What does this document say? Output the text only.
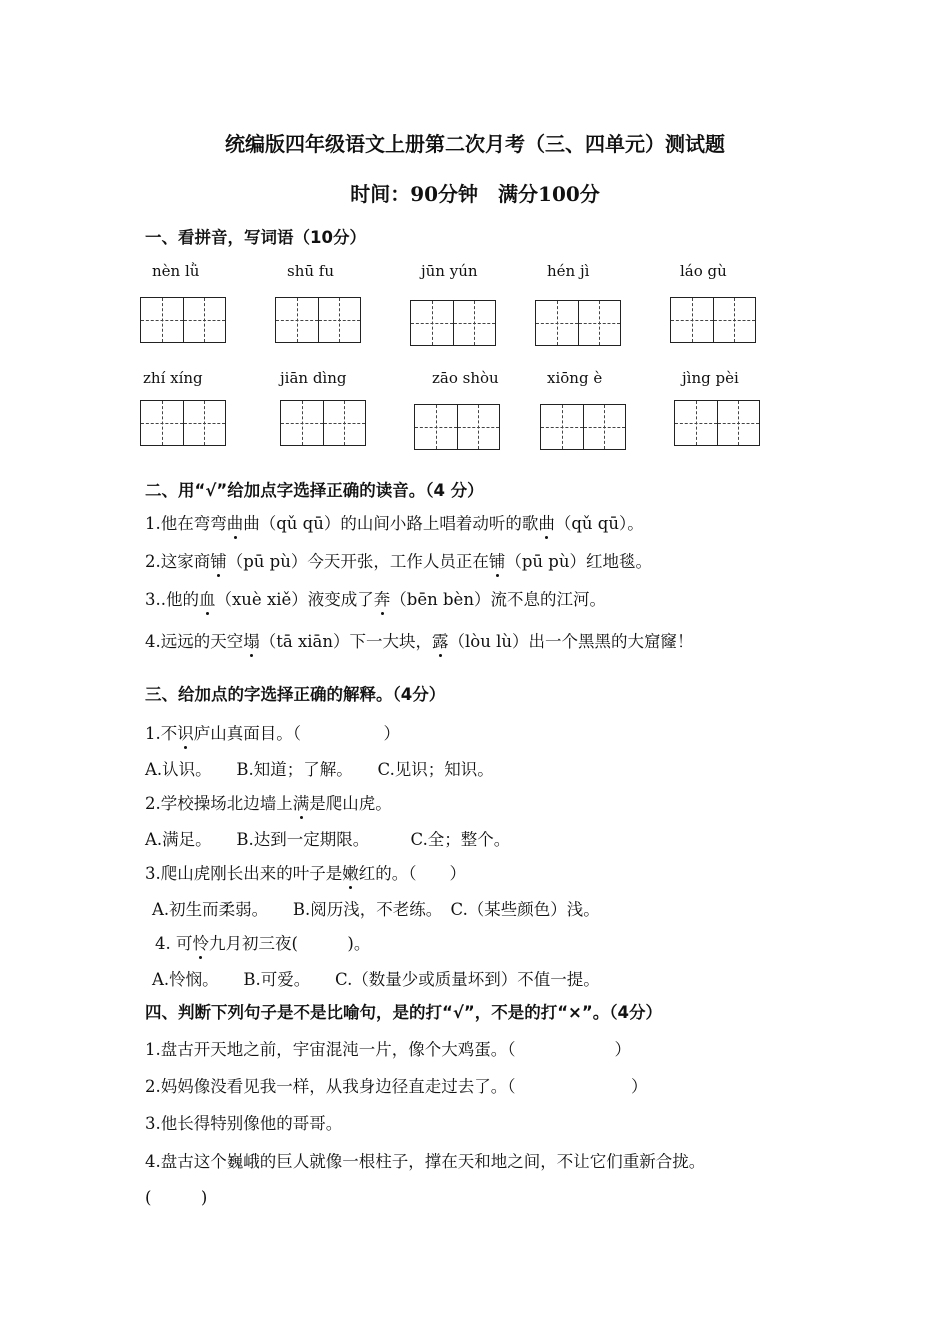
统编版四年级语文上册第二次月考（三、四单元）测试题
时间：90分钟　满分100分
一、看拼音，写词语（10分）
nèn lǜ	shū fu	jūn yún	hén jì	láo gù
zhí xíng	jiān dìng	zāo shòu	xiōng è	jìng pèi
二、用“√”给加点字选择正确的读音。（4 分）
1.他在弯弯曲曲（qǔ qū）的山间小路上唱着动听的歌曲（qǔ qū）。
2.这家商铺（pū pù）今天开张，工作人员正在铺（pū pù）红地毯。
3..他的血（xuè xiě）液变成了奔（bēn bèn）流不息的江河。
4.远远的天空塌（tā xiān）下一大块，露（lòu lù）出一个黑黑的大窟窿！
三、给加点的字选择正确的解释。（4分）
1.不识庐山真面目。（　　　　　）
A.认识。　　B.知道；了解。　　C.见识；知识。
2.学校操场北边墙上满是爬山虎。
A.满足。　　B.达到一定期限。　　　C.全；整个。
3.爬山虎刚长出来的叶子是嫩红的。（　　）
A.初生而柔弱。　　B.阅历浅，不老练。　C.（某些颜色）浅。
4. 可怜九月初三夜(　　　)。
A.怜悯。　　B.可爱。　　C.（数量少或质量坏到）不值一提。
四、判断下列句子是不是比喻句，是的打“√”，不是的打“×”。（4分）
1.盘古开天地之前，宇宙混沌一片，像个大鸡蛋。（　　　　　　）
2.妈妈像没看见我一样，从我身边径直走过去了。（　　　　　　　）
3.他长得特别像他的哥哥。
4.盘古这个巍峨的巨人就像一根柱子，撑在天和地之间，不让它们重新合拢。
(　　　)
